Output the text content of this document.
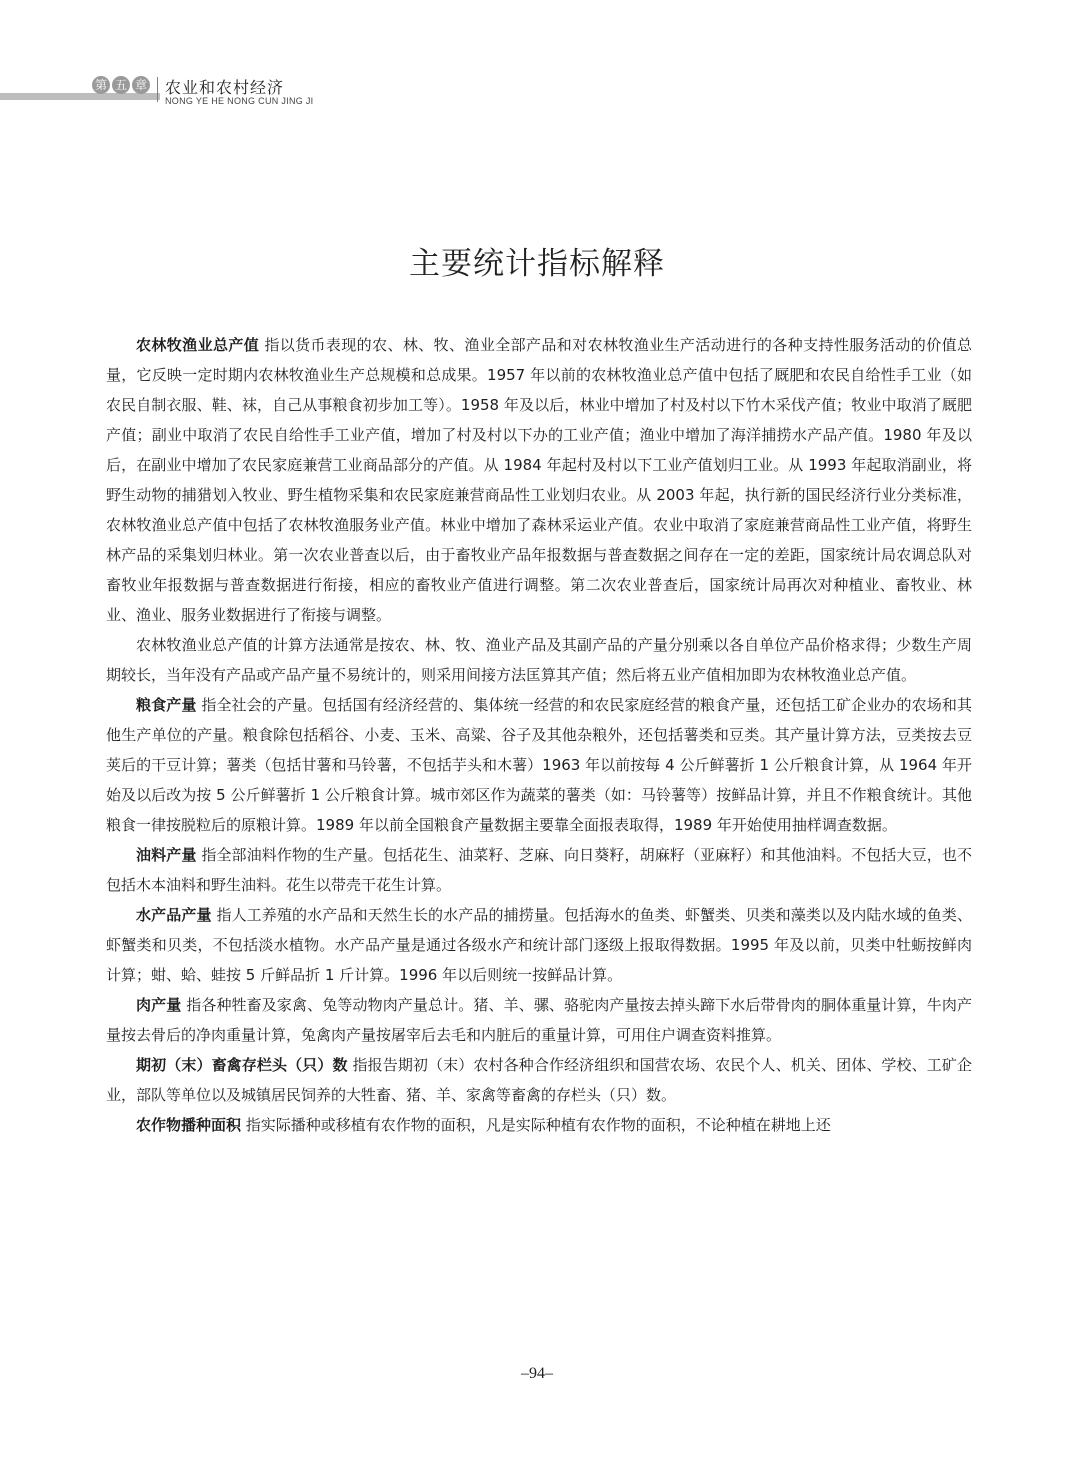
第 五 章 农业和农村经济
NONG YE HE NONG CUN JING JI
主要统计指标解释

农林牧渔业总产值 指以货币表现的农、林、牧、渔业全部产品和对农林牧渔业生产活动进行的各种支持性服务活动的价值总量，它反映一定时期内农林牧渔业生产总规模和总成果。1957 年以前的农林牧渔业总产值中包括了厩肥和农民自给性手工业（如农民自制衣服、鞋、袜，自己从事粮食初步加工等）。1958 年及以后，林业中增加了村及村以下竹木采伐产值；牧业中取消了厩肥产值；副业中取消了农民自给性手工业产值，增加了村及村以下办的工业产值；渔业中增加了海洋捕捞水产品产值。1980 年及以后，在副业中增加了农民家庭兼营工业商品部分的产值。从 1984 年起村及村以下工业产值划归工业。从 1993 年起取消副业，将野生动物的捕猎划入牧业、野生植物采集和农民家庭兼营商品性工业划归农业。从 2003 年起，执行新的国民经济行业分类标准，农林牧渔业总产值中包括了农林牧渔服务业产值。林业中增加了森林采运业产值。农业中取消了家庭兼营商品性工业产值，将野生林产品的采集划归林业。第一次农业普查以后，由于畜牧业产品年报数据与普查数据之间存在一定的差距，国家统计局农调总队对畜牧业年报数据与普查数据进行衔接，相应的畜牧业产值进行调整。第二次农业普查后，国家统计局再次对种植业、畜牧业、林业、渔业、服务业数据进行了衔接与调整。

农林牧渔业总产值的计算方法通常是按农、林、牧、渔业产品及其副产品的产量分别乘以各自单位产品价格求得；少数生产周期较长，当年没有产品或产品产量不易统计的，则采用间接方法匡算其产值；然后将五业产值相加即为农林牧渔业总产值。

粮食产量 指全社会的产量。包括国有经济经营的、集体统一经营的和农民家庭经营的粮食产量，还包括工矿企业办的农场和其他生产单位的产量。粮食除包括稻谷、小麦、玉米、高粱、谷子及其他杂粮外，还包括薯类和豆类。其产量计算方法，豆类按去豆荚后的干豆计算；薯类（包括甘薯和马铃薯，不包括芋头和木薯）1963 年以前按每 4 公斤鲜薯折 1 公斤粮食计算，从 1964 年开始及以后改为按 5 公斤鲜薯折 1 公斤粮食计算。城市郊区作为蔬菜的薯类（如：马铃薯等）按鲜品计算，并且不作粮食统计。其他粮食一律按脱粒后的原粮计算。1989 年以前全国粮食产量数据主要靠全面报表取得，1989 年开始使用抽样调查数据。

油料产量 指全部油料作物的生产量。包括花生、油菜籽、芝麻、向日葵籽，胡麻籽（亚麻籽）和其他油料。不包括大豆，也不包括木本油料和野生油料。花生以带壳干花生计算。

水产品产量 指人工养殖的水产品和天然生长的水产品的捕捞量。包括海水的鱼类、虾蟹类、贝类和藻类以及内陆水域的鱼类、虾蟹类和贝类，不包括淡水植物。水产品产量是通过各级水产和统计部门逐级上报取得数据。1995 年及以前，贝类中牡蛎按鲜肉计算；蚶、蛤、蛙按 5 斤鲜品折 1 斤计算。1996 年以后则统一按鲜品计算。

肉产量 指各种牲畜及家禽、兔等动物肉产量总计。猪、羊、骡、骆驼肉产量按去掉头蹄下水后带骨肉的胴体重量计算，牛肉产量按去骨后的净肉重量计算，兔禽肉产量按屠宰后去毛和内脏后的重量计算，可用住户调查资料推算。

期初（末）畜禽存栏头（只）数 指报告期初（末）农村各种合作经济组织和国营农场、农民个人、机关、团体、学校、工矿企业，部队等单位以及城镇居民饲养的大牲畜、猪、羊、家禽等畜禽的存栏头（只）数。

农作物播种面积 指实际播种或移植有农作物的面积，凡是实际种植有农作物的面积，不论种植在耕地上还

–94–
